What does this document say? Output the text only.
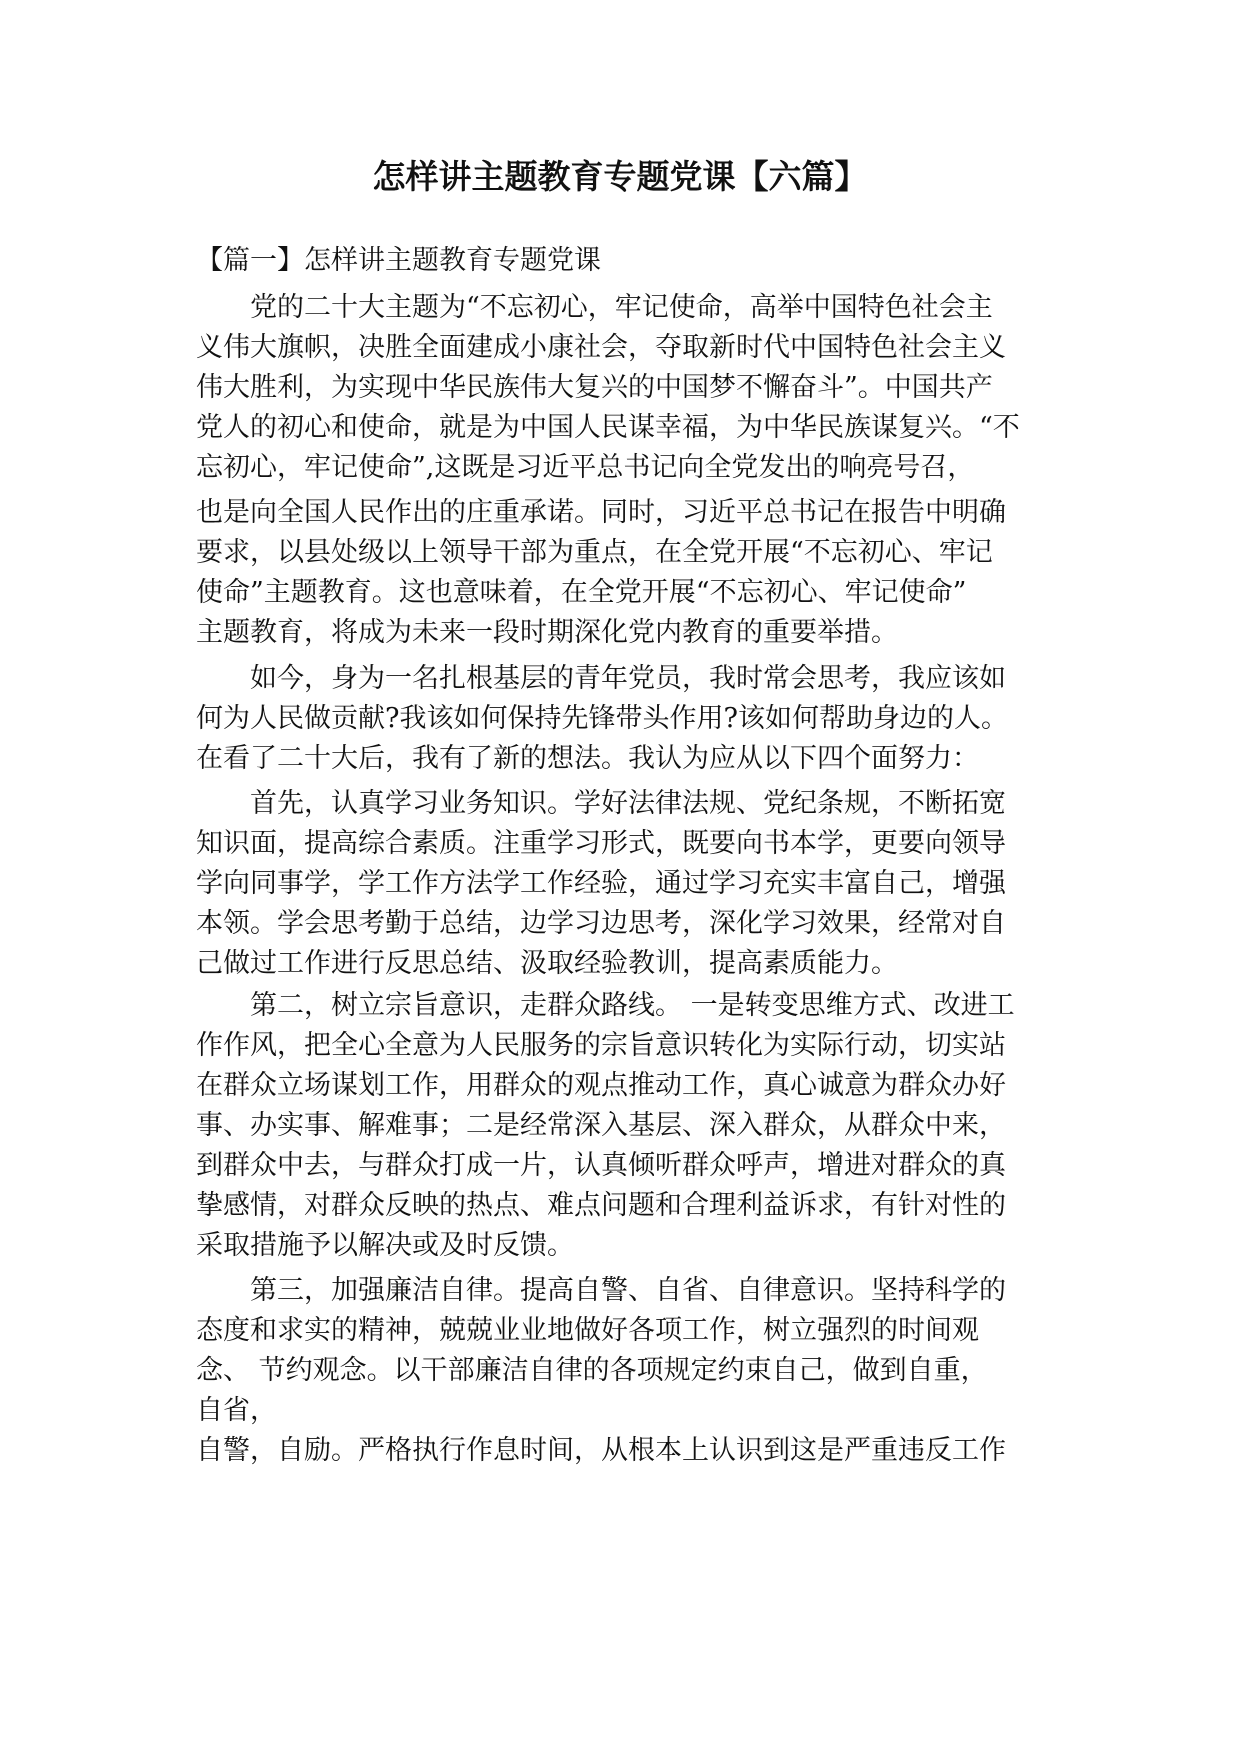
怎样讲主题教育专题党课【六篇】
【篇一】怎样讲主题教育专题党课
党的二十大主题为“不忘初心，牢记使命，高举中国特色社会主
义伟大旗帜，决胜全面建成小康社会，夺取新时代中国特色社会主义
伟大胜利，为实现中华民族伟大复兴的中国梦不懈奋斗”。中国共产
党人的初心和使命，就是为中国人民谋幸福，为中华民族谋复兴。“不
忘初心，牢记使命”,这既是习近平总书记向全党发出的响亮号召，
也是向全国人民作出的庄重承诺。同时，习近平总书记在报告中明确
要求，以县处级以上领导干部为重点，在全党开展“不忘初心、牢记
使命”主题教育。这也意味着，在全党开展“不忘初心、牢记使命”
主题教育，将成为未来一段时期深化党内教育的重要举措。
如今，身为一名扎根基层的青年党员，我时常会思考，我应该如
何为人民做贡献?我该如何保持先锋带头作用?该如何帮助身边的人。
在看了二十大后，我有了新的想法。我认为应从以下四个面努力：
首先，认真学习业务知识。学好法律法规、党纪条规，不断拓宽
知识面，提高综合素质。注重学习形式，既要向书本学，更要向领导
学向同事学，学工作方法学工作经验，通过学习充实丰富自己，增强
本领。学会思考勤于总结，边学习边思考，深化学习效果，经常对自
己做过工作进行反思总结、汲取经验教训，提高素质能力。
第二，树立宗旨意识，走群众路线。 一是转变思维方式、改进工
作作风，把全心全意为人民服务的宗旨意识转化为实际行动，切实站
在群众立场谋划工作，用群众的观点推动工作，真心诚意为群众办好
事、办实事、解难事；二是经常深入基层、深入群众，从群众中来，
到群众中去，与群众打成一片，认真倾听群众呼声，增进对群众的真
挚感情，对群众反映的热点、难点问题和合理利益诉求，有针对性的
采取措施予以解决或及时反馈。
第三，加强廉洁自律。提高自警、自省、自律意识。坚持科学的
态度和求实的精神，兢兢业业地做好各项工作，树立强烈的时间观
念、 节约观念。以干部廉洁自律的各项规定约束自己，做到自重，
自省，
自警，自励。严格执行作息时间，从根本上认识到这是严重违反工作
